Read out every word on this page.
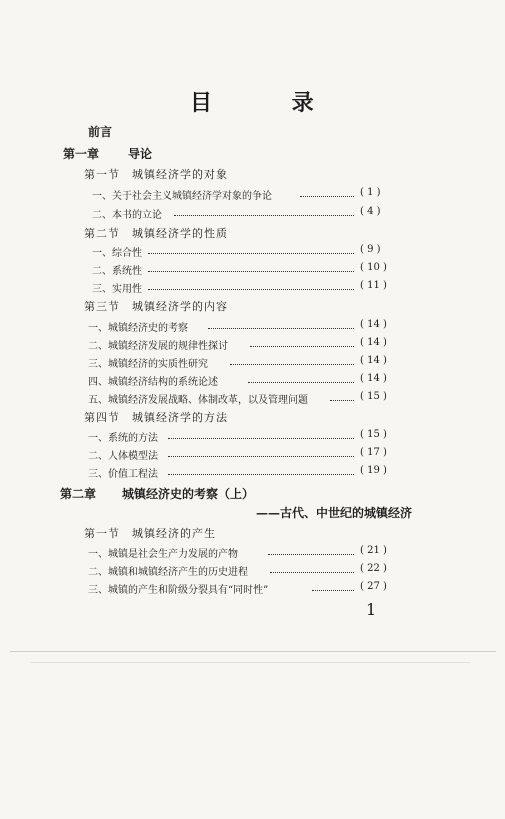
目 录
前言
第一章 导论
第一节　城镇经济学的对象
一、关于社会主义城镇经济学对象的争论	( 1 )
二、本书的立论	( 4 )
第二节　城镇经济学的性质
一、综合性	( 9 )
二、系统性	( 10 )
三、实用性	( 11 )
第三节　城镇经济学的内容
一、城镇经济史的考察	( 14 )
二、城镇经济发展的规律性探讨	( 14 )
三、城镇经济的实质性研究	( 14 )
四、城镇经济结构的系统论述	( 14 )
五、城镇经济发展战略、体制改革，以及管理问题	( 15 )
第四节　城镇经济学的方法
一、系统的方法	( 15 )
二、人体模型法	( 17 )
三、价值工程法	( 19 )
第二章 城镇经济史的考察（上）
——古代、中世纪的城镇经济
第一节　城镇经济的产生
一、城镇是社会生产力发展的产物	( 21 )
二、城镇和城镇经济产生的历史进程	( 22 )
三、城镇的产生和阶级分裂具有“同时性”	( 27 )
1
